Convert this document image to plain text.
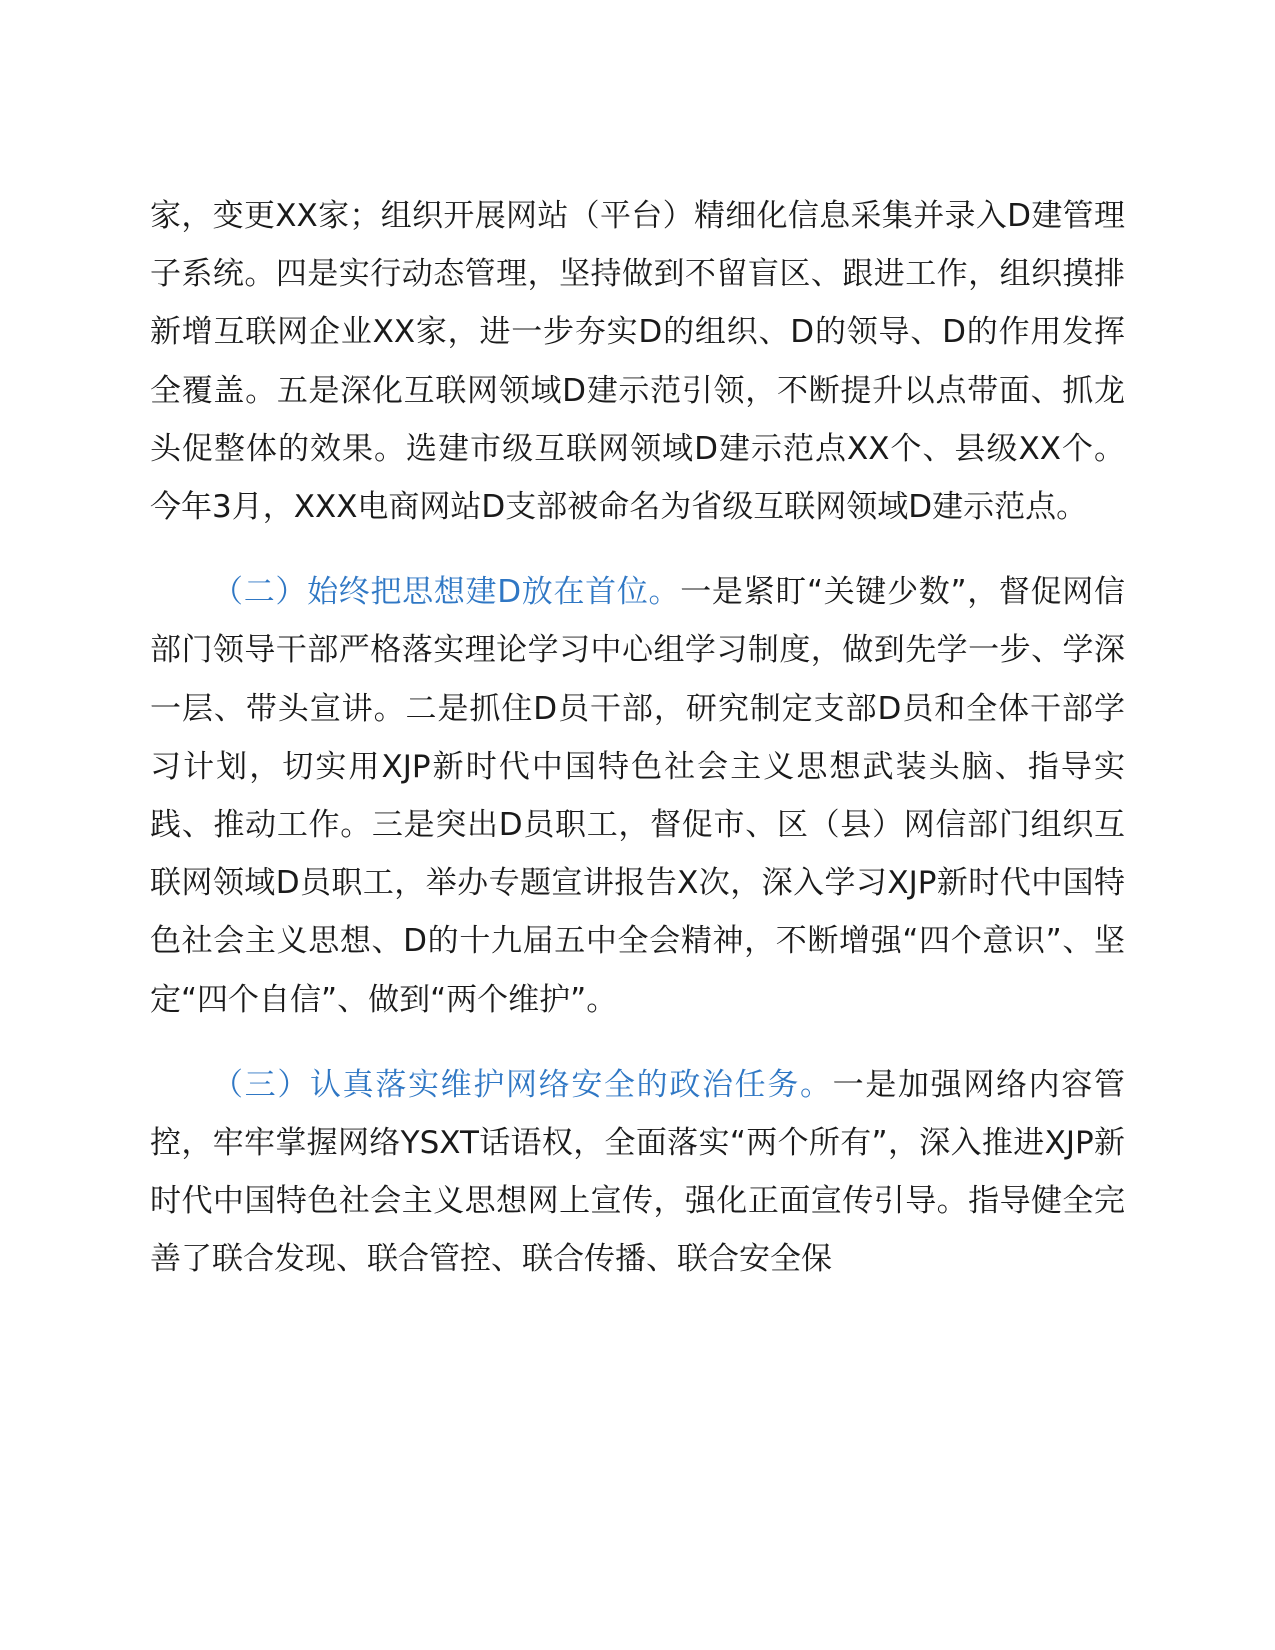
家，变更XX家；组织开展网站（平台）精细化信息采集并录入D建管理子系统。四是实行动态管理，坚持做到不留盲区、跟进工作，组织摸排新增互联网企业XX家，进一步夯实D的组织、D的领导、D的作用发挥全覆盖。五是深化互联网领域D建示范引领，不断提升以点带面、抓龙头促整体的效果。选建市级互联网领域D建示范点XX个、县级XX个。今年3月，XXX电商网站D支部被命名为省级互联网领域D建示范点。

（二）始终把思想建D放在首位。一是紧盯“关键少数”，督促网信部门领导干部严格落实理论学习中心组学习制度，做到先学一步、学深一层、带头宣讲。二是抓住D员干部，研究制定支部D员和全体干部学习计划，切实用XJP新时代中国特色社会主义思想武装头脑、指导实践、推动工作。三是突出D员职工，督促市、区（县）网信部门组织互联网领域D员职工，举办专题宣讲报告X次，深入学习XJP新时代中国特色社会主义思想、D的十九届五中全会精神，不断增强“四个意识”、坚定“四个自信”、做到“两个维护”。

（三）认真落实维护网络安全的政治任务。一是加强网络内容管控，牢牢掌握网络YSXT话语权，全面落实“两个所有”，深入推进XJP新时代中国特色社会主义思想网上宣传，强化正面宣传引导。指导健全完善了联合发现、联合管控、联合传播、联合安全保
